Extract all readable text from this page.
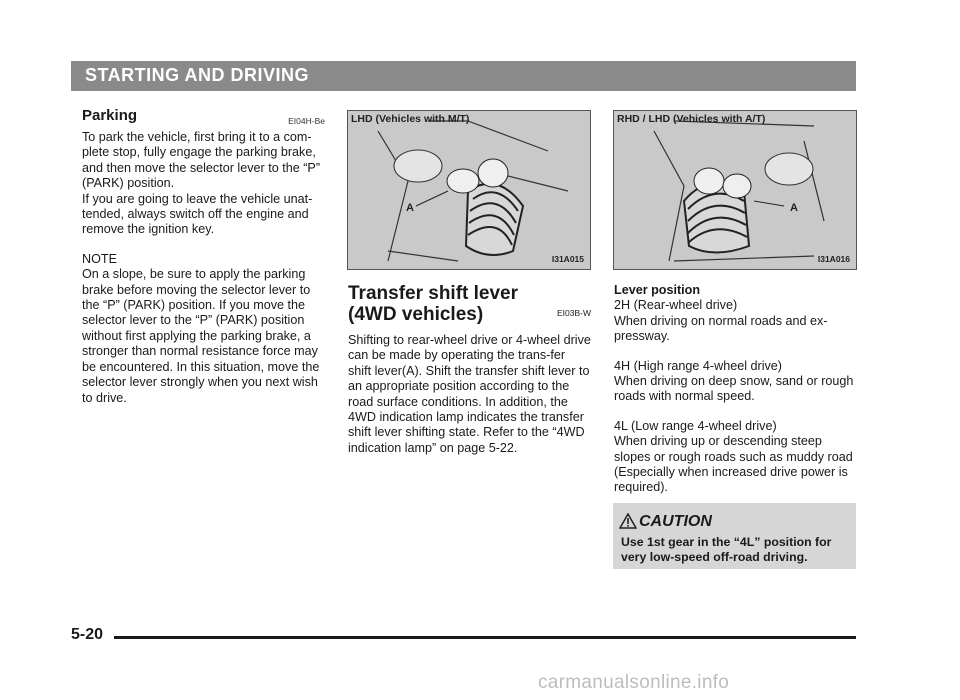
STARTING AND DRIVING
Parking	EI04H-Be

To park the vehicle, first bring it to a com-plete stop, fully engage the parking brake, and then move the selector lever to the “P” (PARK) position.

If you are going to leave the vehicle unat-tended, always switch off the engine and remove the ignition key.

NOTE

On a slope, be sure to apply the parking brake before moving the selector lever to the “P” (PARK) position. If you move the selector lever to the “P” (PARK) position without first applying the parking brake, a stronger than normal resistance force may be encountered. In this situation, move the selector lever strongly when you next wish to drive.

A
LHD (Vehicles with M/T)
I31A015
A
RHD / LHD (Vehicles with A/T)
I31A016
Transfer shift lever
(4WD vehicles)	EI03B-W

Shifting to rear-wheel drive or 4-wheel drive can be made by operating the trans-fer shift lever(A). Shift the transfer shift lever to an appropriate position according to the road surface conditions. In addition, the 4WD indication lamp indicates the transfer shift lever shifting state. Refer to the “4WD indication lamp” on page 5-22.

Lever position

2H (Rear-wheel drive)

When driving on normal roads and ex-pressway.

4H (High range 4-wheel drive)

When driving on deep snow, sand or rough roads with normal speed.

4L (Low range 4-wheel drive)

When driving up or descending steep slopes or rough roads such as muddy road (Especially when increased drive power is required).

CAUTION
Use 1st gear in the “4L” position for very low-speed off-road driving.
5-20
carmanualsonline.info
